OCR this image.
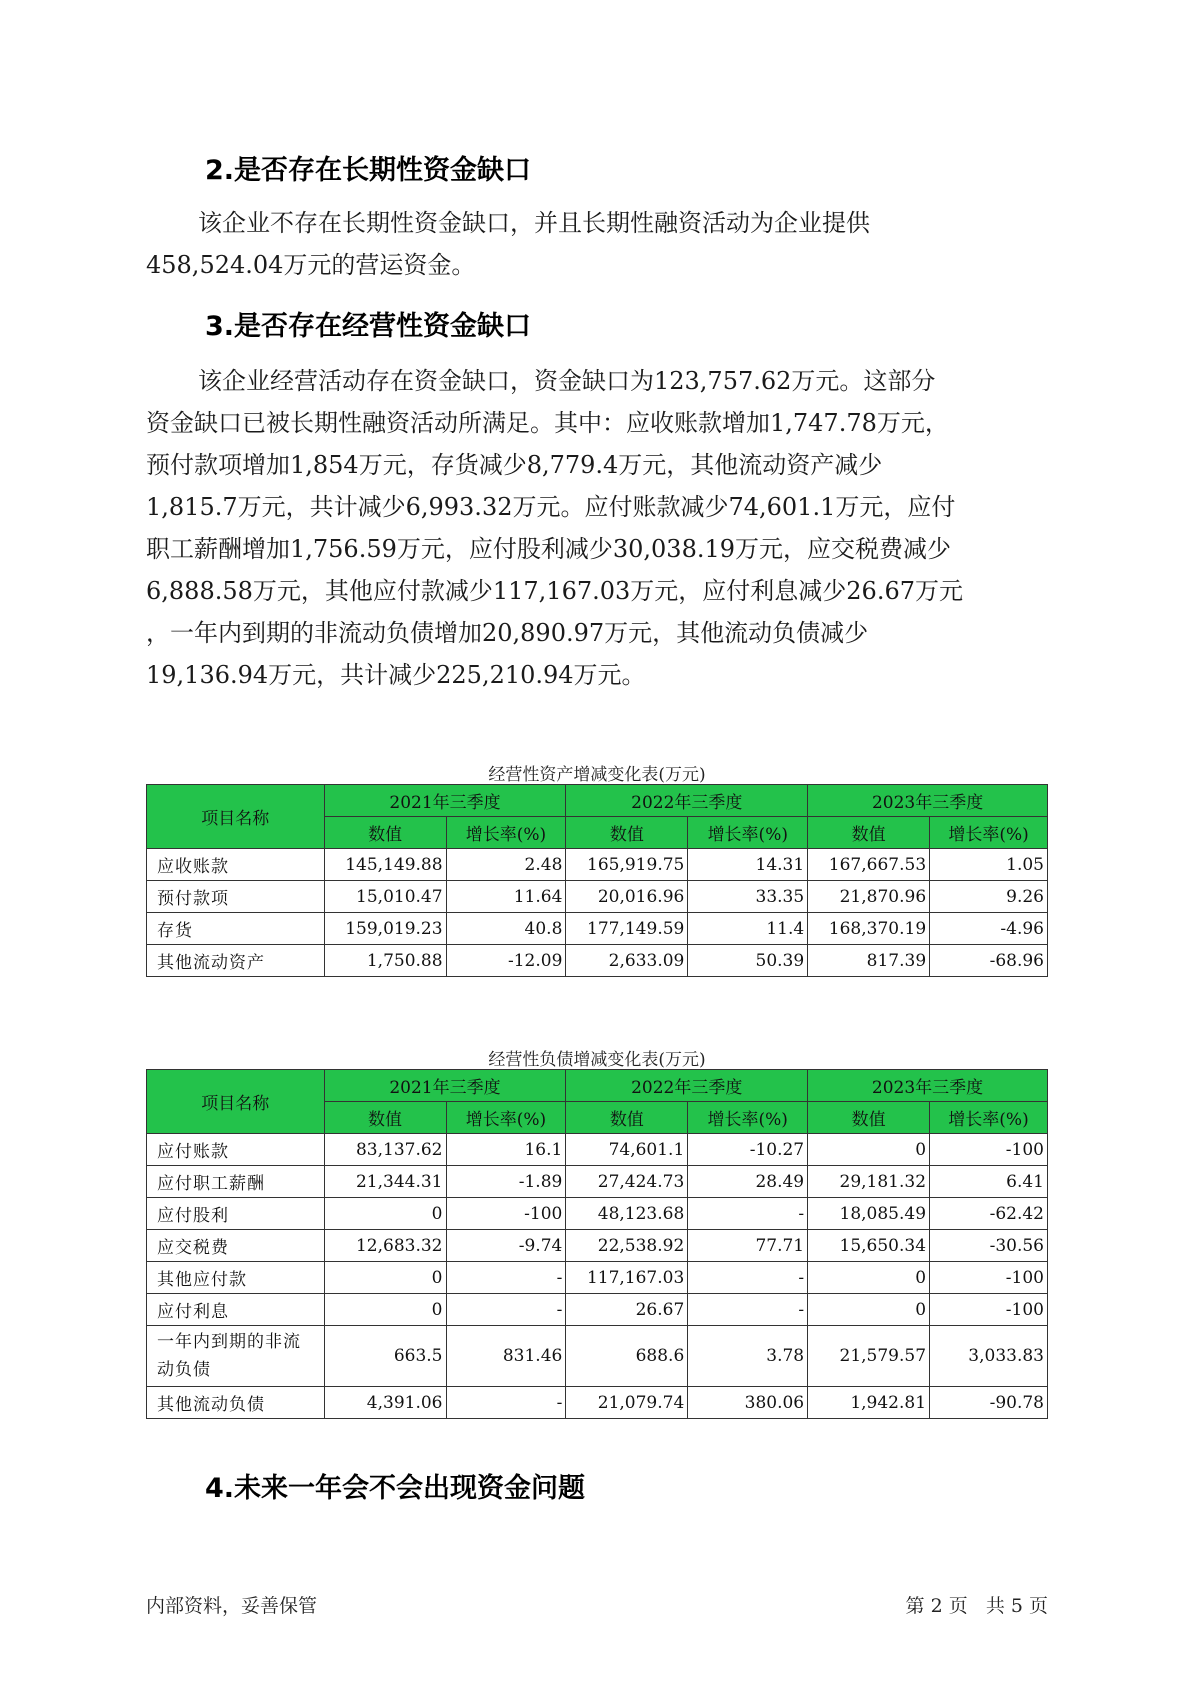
2.是否存在长期性资金缺口

该企业不存在长期性资金缺口，并且长期性融资活动为企业提供
458,524.04万元的营运资金。

3.是否存在经营性资金缺口

该企业经营活动存在资金缺口，资金缺口为123,757.62万元。这部分
资金缺口已被长期性融资活动所满足。其中：应收账款增加1,747.78万元，
预付款项增加1,854万元，存货减少8,779.4万元，其他流动资产减少
1,815.7万元，共计减少6,993.32万元。应付账款减少74,601.1万元，应付
职工薪酬增加1,756.59万元，应付股利减少30,038.19万元，应交税费减少
6,888.58万元，其他应付款减少117,167.03万元，应付利息减少26.67万元
，一年内到期的非流动负债增加20,890.97万元，其他流动负债减少
19,136.94万元，共计减少225,210.94万元。

经营性资产增减变化表(万元)
项目名称	2021年三季度		2022年三季度		2023年三季度	
	数值	增长率(%)	数值	增长率(%)	数值	增长率(%)
应收账款	145,149.88	2.48	165,919.75	14.31	167,667.53	1.05
预付款项	15,010.47	11.64	20,016.96	33.35	21,870.96	9.26
存货	159,019.23	40.8	177,149.59	11.4	168,370.19	-4.96
其他流动资产	1,750.88	-12.09	2,633.09	50.39	817.39	-68.96
经营性负债增减变化表(万元)
项目名称	2021年三季度		2022年三季度		2023年三季度	
	数值	增长率(%)	数值	增长率(%)	数值	增长率(%)
应付账款	83,137.62	16.1	74,601.1	-10.27	0	-100
应付职工薪酬	21,344.31	-1.89	27,424.73	28.49	29,181.32	6.41
应付股利	0	-100	48,123.68	-	18,085.49	-62.42
应交税费	12,683.32	-9.74	22,538.92	77.71	15,650.34	-30.56
其他应付款	0	-	117,167.03	-	0	-100
应付利息	0	-	26.67	-	0	-100

一年内到期的非流
动负债	663.5	831.46	688.6	3.78	21,579.57	3,033.83
其他流动负债	4,391.06	-	21,079.74	380.06	1,942.81	-90.78
4.未来一年会不会出现资金问题
内部资料，妥善保管	第 2 页   共 5 页
